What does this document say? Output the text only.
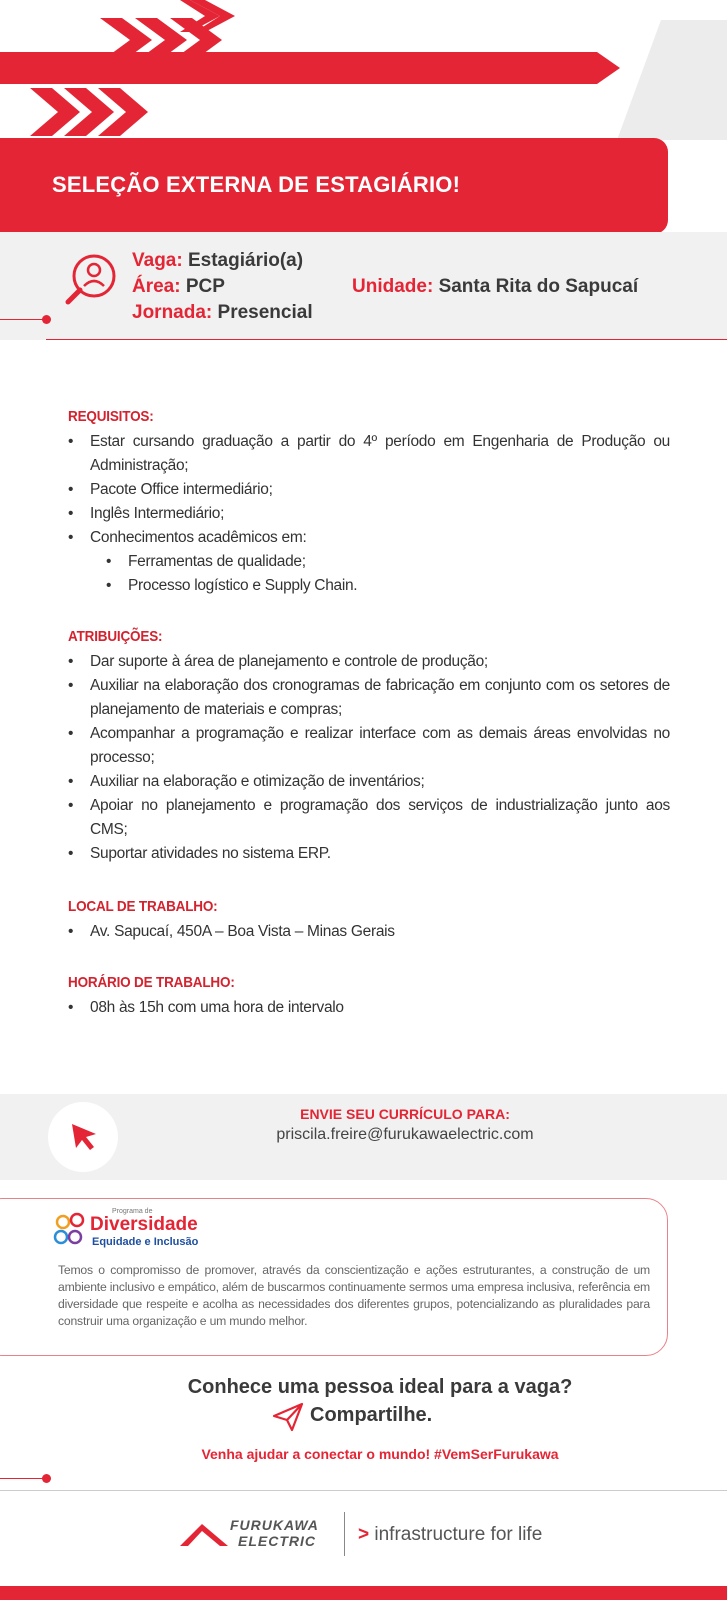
SELEÇÃO EXTERNA DE ESTAGIÁRIO!
Vaga: Estagiário(a)
Área: PCP	Unidade: Santa Rita do Sapucaí
Jornada: Presencial
REQUISITOS:
• Estar cursando graduação a partir do 4º período em Engenharia de Produção ou Administração;
• Pacote Office intermediário;
• Inglês Intermediário;
• Conhecimentos acadêmicos em:
• Ferramentas de qualidade;
• Processo logístico e Supply Chain.
ATRIBUIÇÕES:
• Dar suporte à área de planejamento e controle de produção;
• Auxiliar na elaboração dos cronogramas de fabricação em conjunto com os setores de planejamento de materiais e compras;
• Acompanhar a programação e realizar interface com as demais áreas envolvidas no processo;
• Auxiliar na elaboração e otimização de inventários;
• Apoiar no planejamento e programação dos serviços de industrialização junto aos CMS;
• Suportar atividades no sistema ERP.
LOCAL DE TRABALHO:
• Av. Sapucaí, 450A – Boa Vista – Minas Gerais
HORÁRIO DE TRABALHO:
• 08h às 15h com uma hora de intervalo
ENVIE SEU CURRÍCULO PARA:
priscila.freire@furukawaelectric.com
Programa de
Diversidade
Equidade e Inclusão
Temos o compromisso de promover, através da conscientização e ações estruturantes, a construção de um ambiente inclusivo e empático, além de buscarmos continuamente sermos uma empresa inclusiva, referência em diversidade que respeite e acolha as necessidades dos diferentes grupos, potencializando as pluralidades para construir uma organização e um mundo melhor.
Conhece uma pessoa ideal para a vaga?
Compartilhe.
Venha ajudar a conectar o mundo! #VemSerFurukawa
FURUKAWA
ELECTRIC > infrastructure for life
